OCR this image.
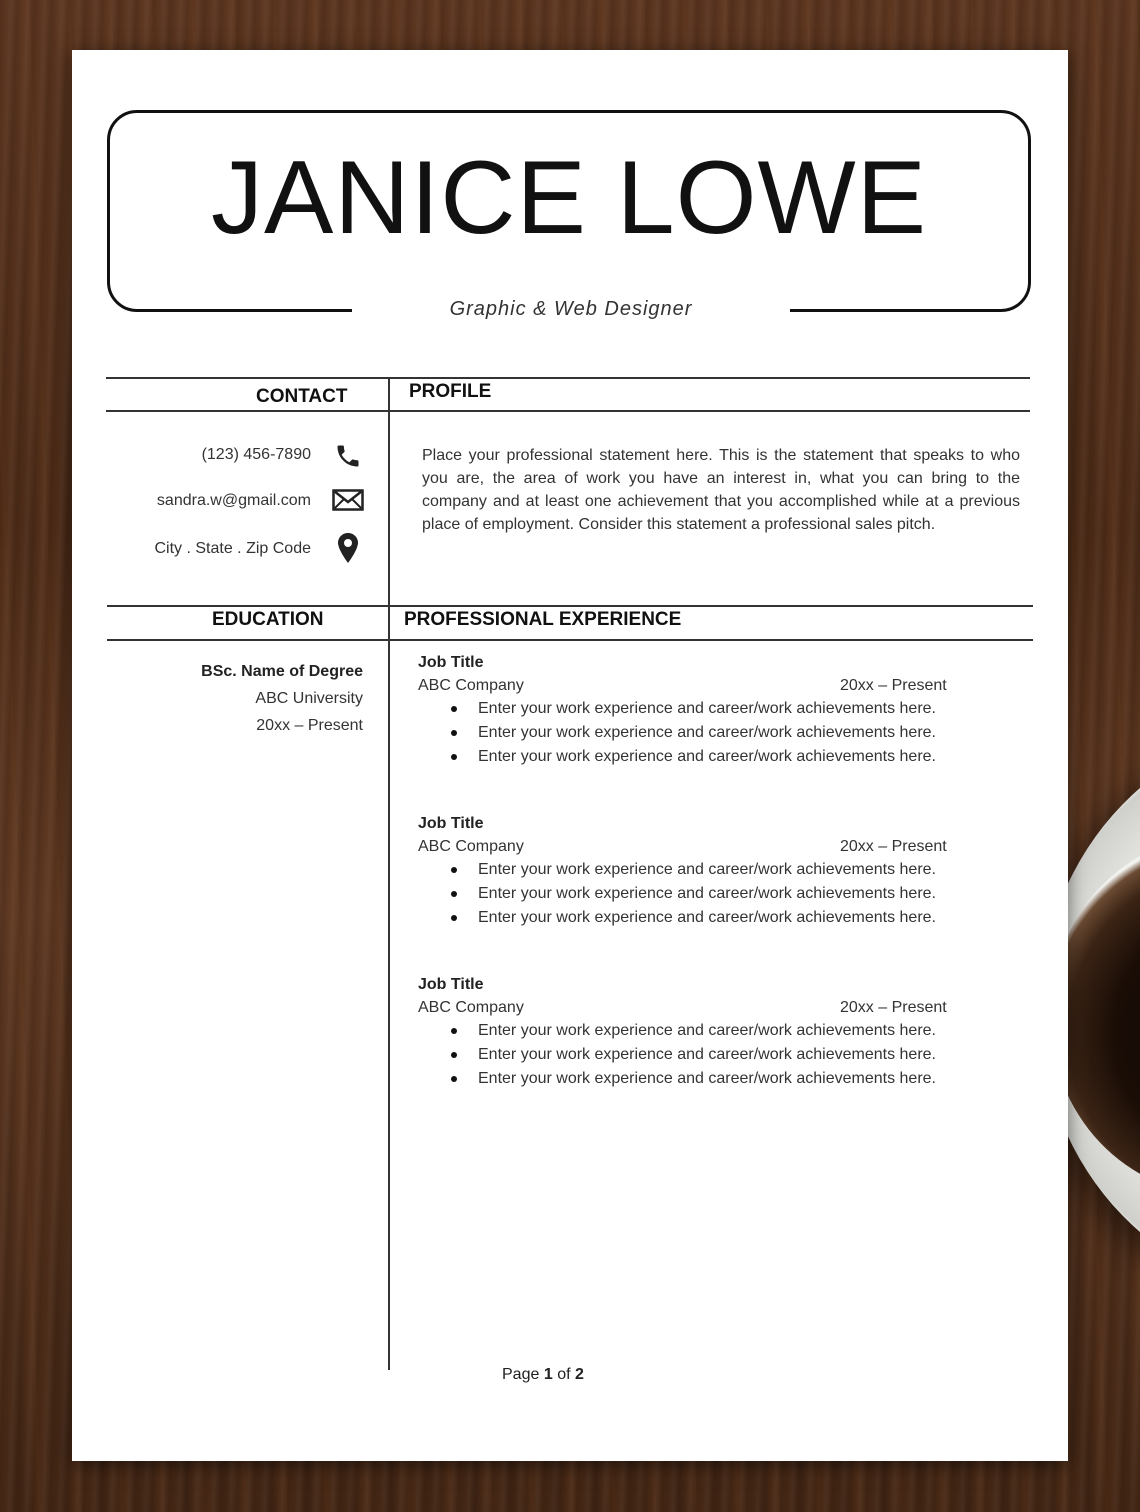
JANICE LOWE
Graphic & Web Designer
CONTACT	PROFILE
EDUCATION	PROFESSIONAL EXPERIENCE
(123) 456-7890
sandra.w@gmail.com
City . State . Zip Code
Place your professional statement here. This is the statement that speaks to who you are, the area of work you have an interest in, what you can bring to the company and at least one achievement that you accomplished while at a previous place of employment. Consider this statement a professional sales pitch.
BSc. Name of Degree
ABC University
20xx – Present
Job Title
ABC Company	20xx – Present
Enter your work experience and career/work achievements here.
Enter your work experience and career/work achievements here.
Enter your work experience and career/work achievements here.
Job Title
ABC Company	20xx – Present
Enter your work experience and career/work achievements here.
Enter your work experience and career/work achievements here.
Enter your work experience and career/work achievements here.
Job Title
ABC Company	20xx – Present
Enter your work experience and career/work achievements here.
Enter your work experience and career/work achievements here.
Enter your work experience and career/work achievements here.
Page 1 of 2
